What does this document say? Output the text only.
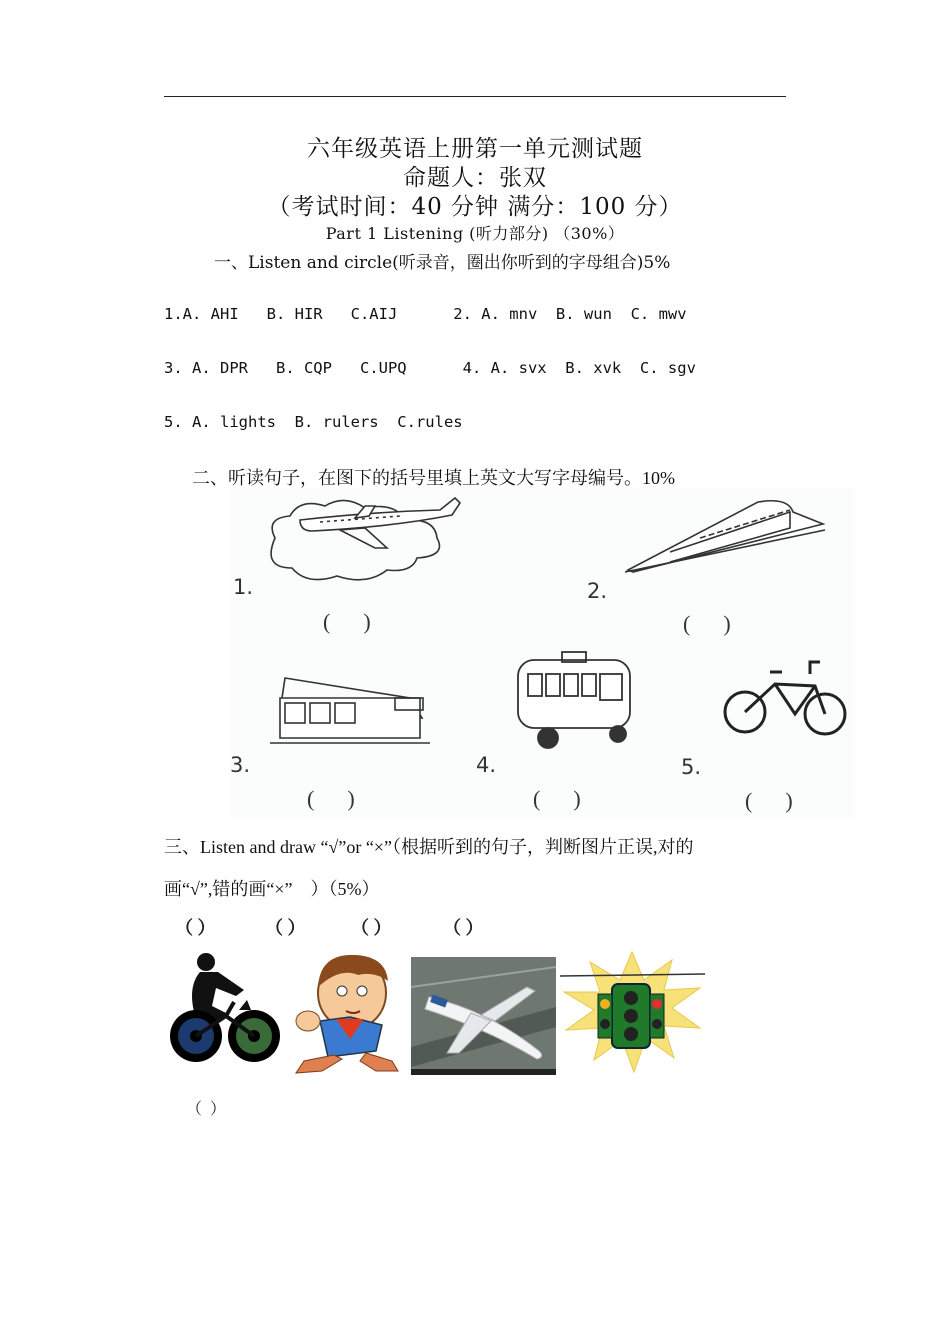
六年级英语上册第一单元测试题
命题人：张双
（考试时间：40 分钟 满分：100 分）
Part 1 Listening (听力部分) （30%）
一、Listen and circle(听录音，圈出你听到的字母组合)5%
1.A. AHI   B. HIR   C.AIJ      2. A. mnv  B. wun  C. mwv
3. A. DPR   B. CQP   C.UPQ      4. A. svx  B. xvk  C. sgv
5. A. lights  B. rulers  C.rules
二、听读句子，在图下的括号里填上英文大写字母编号。10%
1.	2.
(      )	(      )
3.	4.	5.
(      )	(      )	(      )
三、Listen and draw “√”or “×”（根据听到的句子，判断图片正误,对的
画“√”,错的画“×”    ）（5%）
（ ）	（ ）	（ ）	（ ）
（  ）
